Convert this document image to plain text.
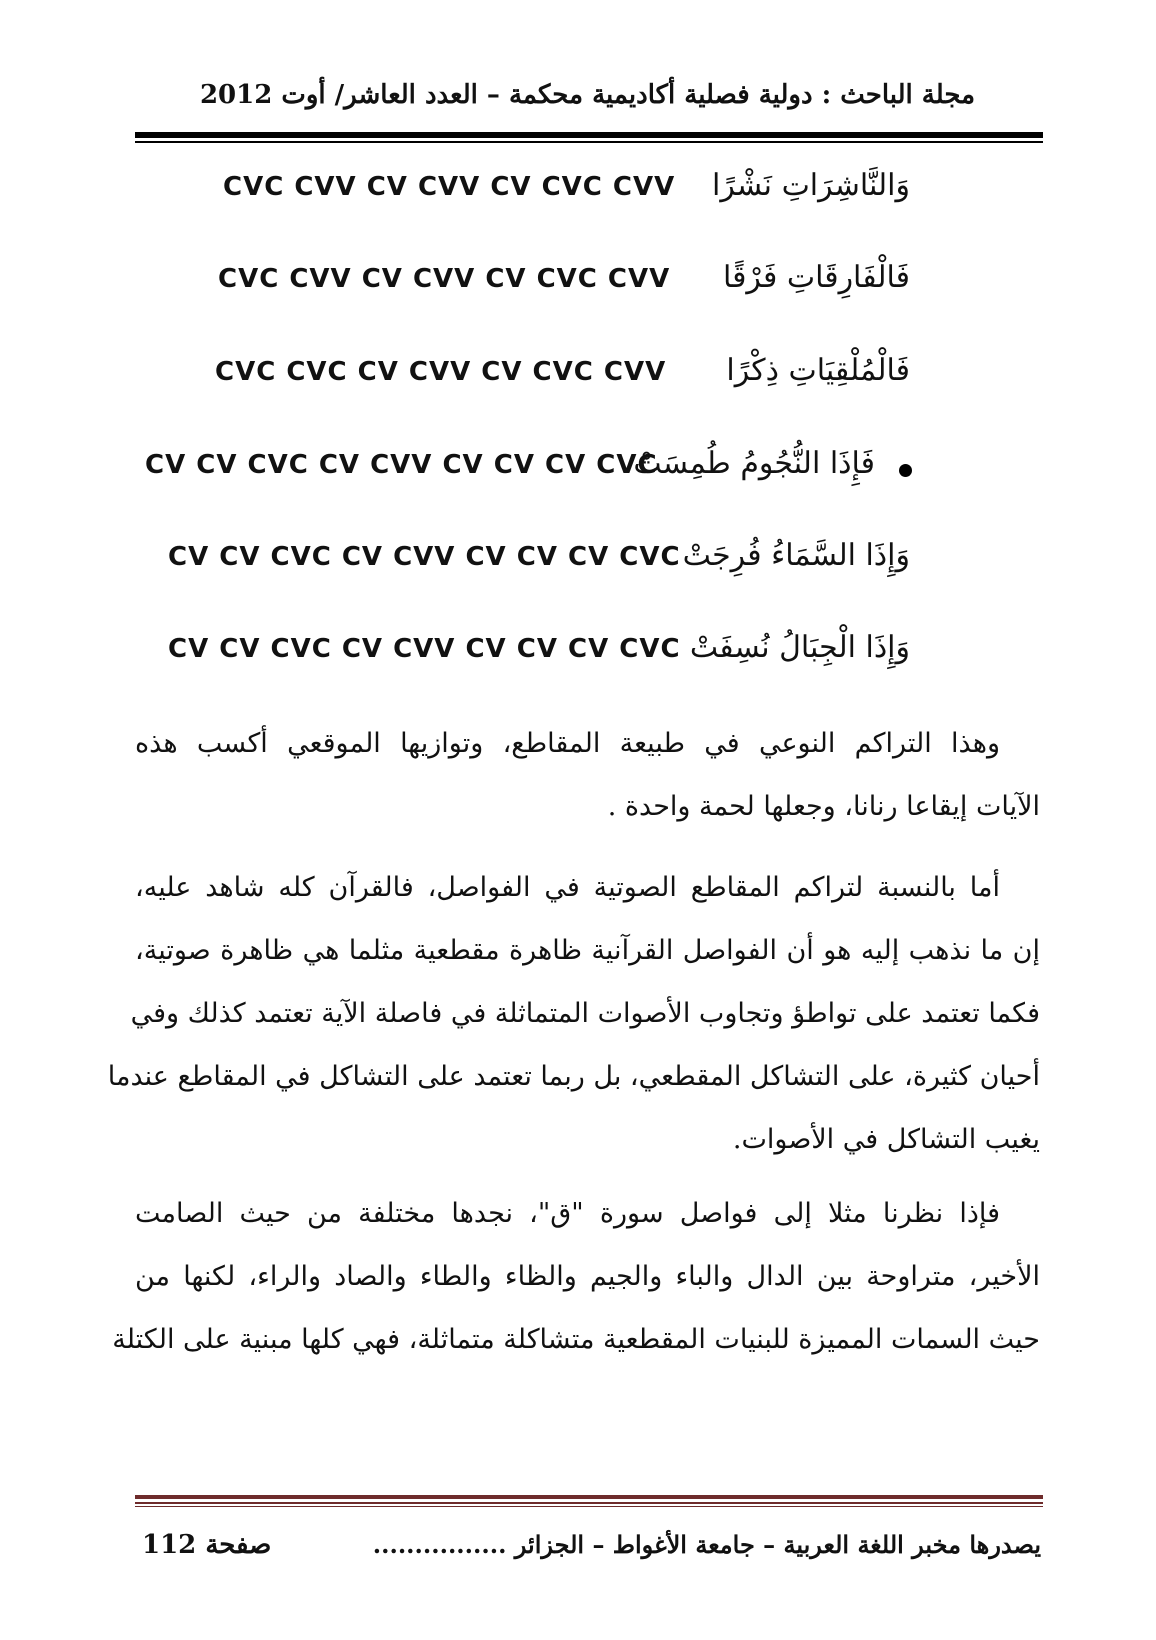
مجلة الباحث : دولية فصلية أكاديمية محكمة – العدد العاشر/ أوت 2012
وَالنَّاشِرَاتِ نَشْرًا
CVC CVV CV CVV CV CVC CVV
فَالْفَارِقَاتِ فَرْقًا
CVC CVV CV CVV CV CVC CVV
فَالْمُلْقِيَاتِ ذِكْرًا
CVC CVC CV CVV CV CVC CVV
فَإِذَا النُّجُومُ طُمِسَتْ
CV CV CVC CV CVV CV CV CV CVC
وَإِذَا السَّمَاءُ فُرِجَتْ
CV CV CVC CV CVV CV CV CV CVC
وَإِذَا الْجِبَالُ نُسِفَتْ
CV CV CVC CV CVV CV CV CV CVC
وهذا التراكم النوعي في طبيعة المقاطع، وتوازيها الموقعي أكسب هذه
الآيات إيقاعا رنانا، وجعلها لحمة واحدة .
أما بالنسبة لتراكم المقاطع الصوتية في الفواصل، فالقرآن كله شاهد عليه،
إن ما نذهب إليه هو أن الفواصل القرآنية ظاهرة مقطعية مثلما هي ظاهرة صوتية،
فكما تعتمد على تواطؤ وتجاوب الأصوات المتماثلة في فاصلة الآية تعتمد كذلك وفي
أحيان كثيرة، على التشاكل المقطعي، بل ربما تعتمد على التشاكل في المقاطع عندما
يغيب التشاكل في الأصوات.
فإذا نظرنا مثلا إلى فواصل سورة "ق"، نجدها مختلفة من حيث الصامت
الأخير، متراوحة بين الدال والباء والجيم والظاء والطاء والصاد والراء، لكنها من
حيث السمات المميزة للبنيات المقطعية متشاكلة متماثلة، فهي كلها مبنية على الكتلة
صفحة 112	يصدرها مخبر اللغة العربية – جامعة الأغواط – الجزائر ................
